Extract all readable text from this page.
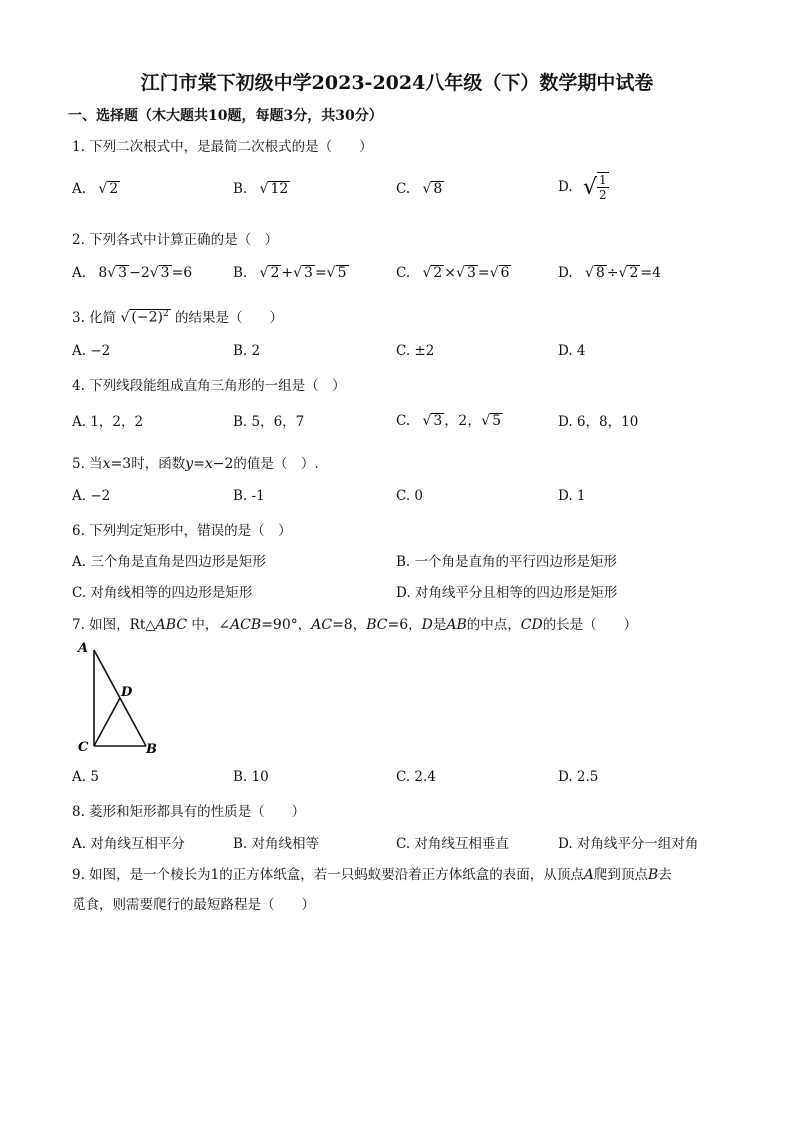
江门市棠下初级中学2023-2024八年级（下）数学期中试卷
一、选择题（木大题共10题，每题3分，共30分）
1. 下列二次根式中，是最简二次根式的是（　　）
A. √ 2	B. √ 12	C. √ 8	D. √ $\frac{1}{2}$
2. 下列各式中计算正确的是（　）
A. 8√ 3 −2√ 3 =6	B. √ 2 +√ 3 =√ 5	C. √ 2 ×√ 3 =√ 6	D. √ 8 ÷√ 2 =4
3. 化简 √ $(-2)^2$ 的结果是（　　）
A. −2	B. 2	C. ±2	D. 4
4. 下列线段能组成直角三角形的一组是（　）
A. 1，2，2	B. 5，6，7	C. √ 3 ，2，√ 5	D. 6，8，10
5. 当x=3时，函数y=x−2的值是（　）.
A. −2	B. -1	C. 0	D. 1
6. 下列判定矩形中，错误的是（　）
A. 三个角是直角是四边形是矩形	B. 一个角是直角的平行四边形是矩形
C. 对角线相等的四边形是矩形	D. 对角线平分且相等的四边形是矩形
7. 如图，Rt△ABC 中，∠ACB=90°，AC=8，BC=6，D是AB的中点，CD的长是（　　）
A
D
C	B
A. 5	B. 10	C. 2.4	D. 2.5
8. 菱形和矩形都具有的性质是（　　）
A. 对角线互相平分	B. 对角线相等	C. 对角线互相垂直	D. 对角线平分一组对角
9. 如图，是一个棱长为1的正方体纸盒，若一只蚂蚁要沿着正方体纸盒的表面，从顶点A爬到顶点B去
觅食，则需要爬行的最短路程是（　　）
